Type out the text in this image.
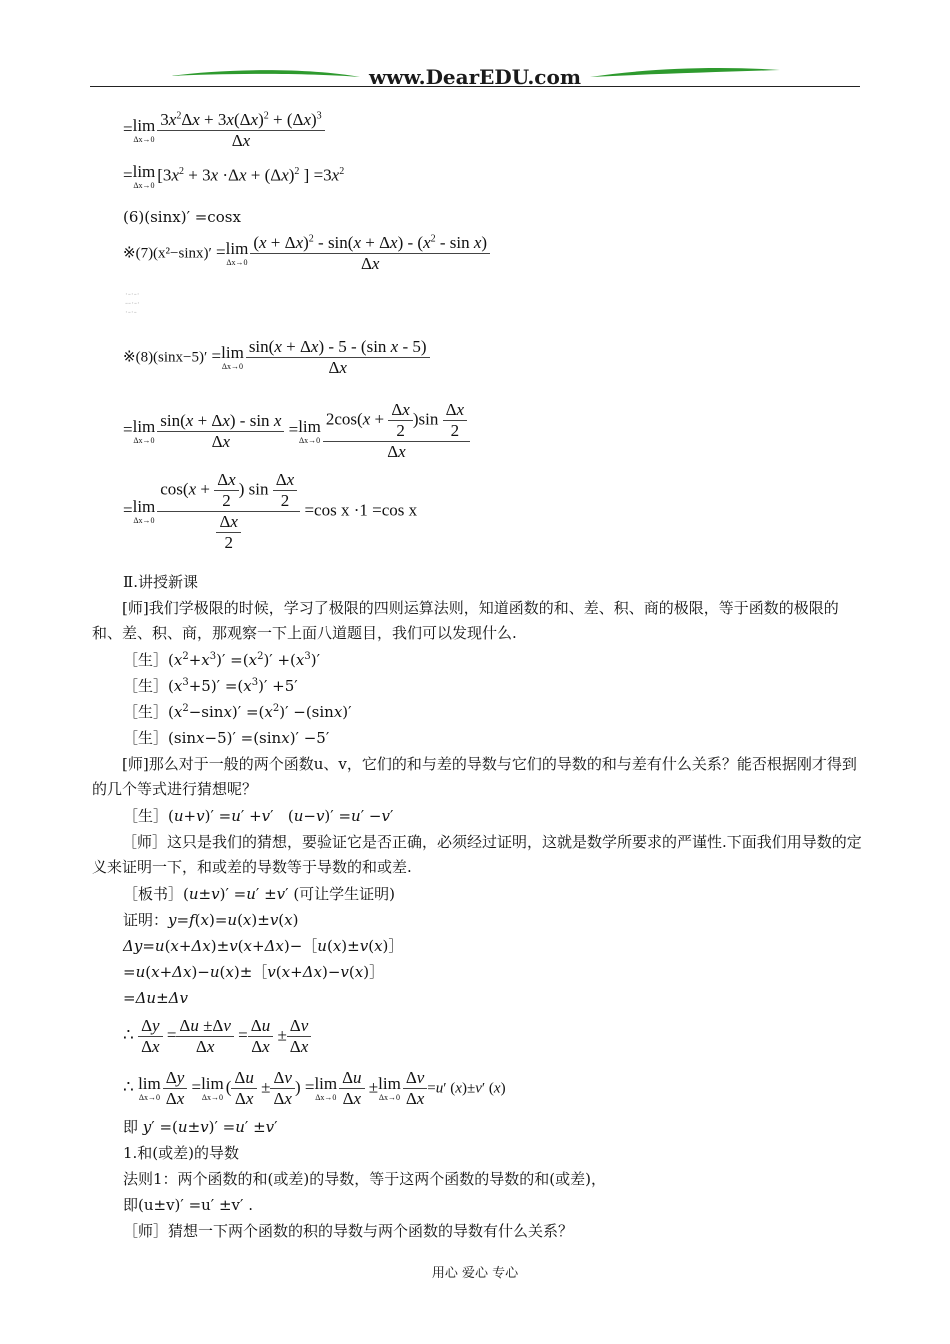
www.DearEDU.com
= lim
$\Delta x\to 0 \frac{3x^2\Delta x + 3x(\Delta x)^2 + (\Delta x)^3}{\Delta x}$
= lim
Δx→0
[$3x^2 + 3x \cdot\Delta x + (\Delta x)^2$ ] $=3x^2$
(6)(sinx)′ =cosx
※(7)(x²−sinx)′ = lim
$\Delta x\to 0 \frac{(x + \Delta x)^2 - \sin(x + \Delta x) - (x^2 - \sin x)}{\Delta x}$
·-·-·
--·-·
·-·-
※(8)(sinx−5)′ = lim
$\Delta x\to 0 \frac{\text{sin(x + Δx) - 5 - (sin x - 5)}}{\Delta x}$
= lim
$\Delta x\to 0 \frac{\text{sin(x + Δx) - sin x}}{\Delta x} = \lim$
$\Delta x\to 0 \frac{2\cos(x + \frac{\Delta x}{2} )\sin \frac{\Delta x}{2}}{\Delta x}$
= lim
$\Delta x\to 0 \frac{\cos(x + \frac{\Delta x}{2} ) \sin \frac{\Delta x}{2}}{\frac{\Delta x}{2}} =\cos$ x ·1 =cos x
Ⅱ.讲授新课
[师]我们学极限的时候，学习了极限的四则运算法则，知道函数的和、差、积、商的极限，等于函数的极限的和、差、积、商，那观察一下上面八道题目，我们可以发现什么.
［生$](x^2+x^3)' =(x^2)' +(x^3)'$
［生$](x^3+5)' =(x^3)' +5'$
［生$](x^2-\sin x)' =(x^2)' -(\sin x)'$
［生］(sinx−5)′ =(sinx)′ −5′
[师]那么对于一般的两个函数u、v，它们的和与差的导数与它们的导数的和与差有什么关系？能否根据刚才得到的几个等式进行猜想呢？
［生］(u+v)′ =u′ +v′   (u−v)′ =u′ −v′
［师］这只是我们的猜想，要验证它是否正确，必须经过证明，这就是数学所要求的严谨性.下面我们用导数的定义来证明一下，和或差的导数等于导数的和或差.
［板书］(u±v)′ =u′ ±v′ (可让学生证明)
证明：y=f(x)=u(x)±v(x)
Δy=u(x+Δx)±v(x+Δx)−［u(x)±v(x)］
=u(x+Δx)−u(x)±［v(x+Δx)−v(x)］
=Δu±Δv
∴ $\frac{\Delta y}{\Delta x} = \frac{\Delta u \pm\Delta v}{\Delta x} = \frac{\Delta u}{\Delta x} \pm \frac{\Delta v}{\Delta x}$
∴ lim
$\Delta x\to 0 \frac{\Delta y}{\Delta x} = \lim$
Δx→0
( $\frac{\Delta u}{\Delta x} \pm \frac{\Delta v}{\Delta x}$ ) = lim
$\Delta x\to 0 \frac{\Delta u}{\Delta x} \pm \lim$
$\Delta x\to 0 \frac{\Delta v}{\Delta x} =u'$ (x)±v′ (x)
即 y′ =(u±v)′ =u′ ±v′
1.和(或差)的导数
法则1：两个函数的和(或差)的导数，等于这两个函数的导数的和(或差)，
即(u±v)′ =u′ ±v′ .
［师］猜想一下两个函数的积的导数与两个函数的导数有什么关系？
用心 爱心 专心
